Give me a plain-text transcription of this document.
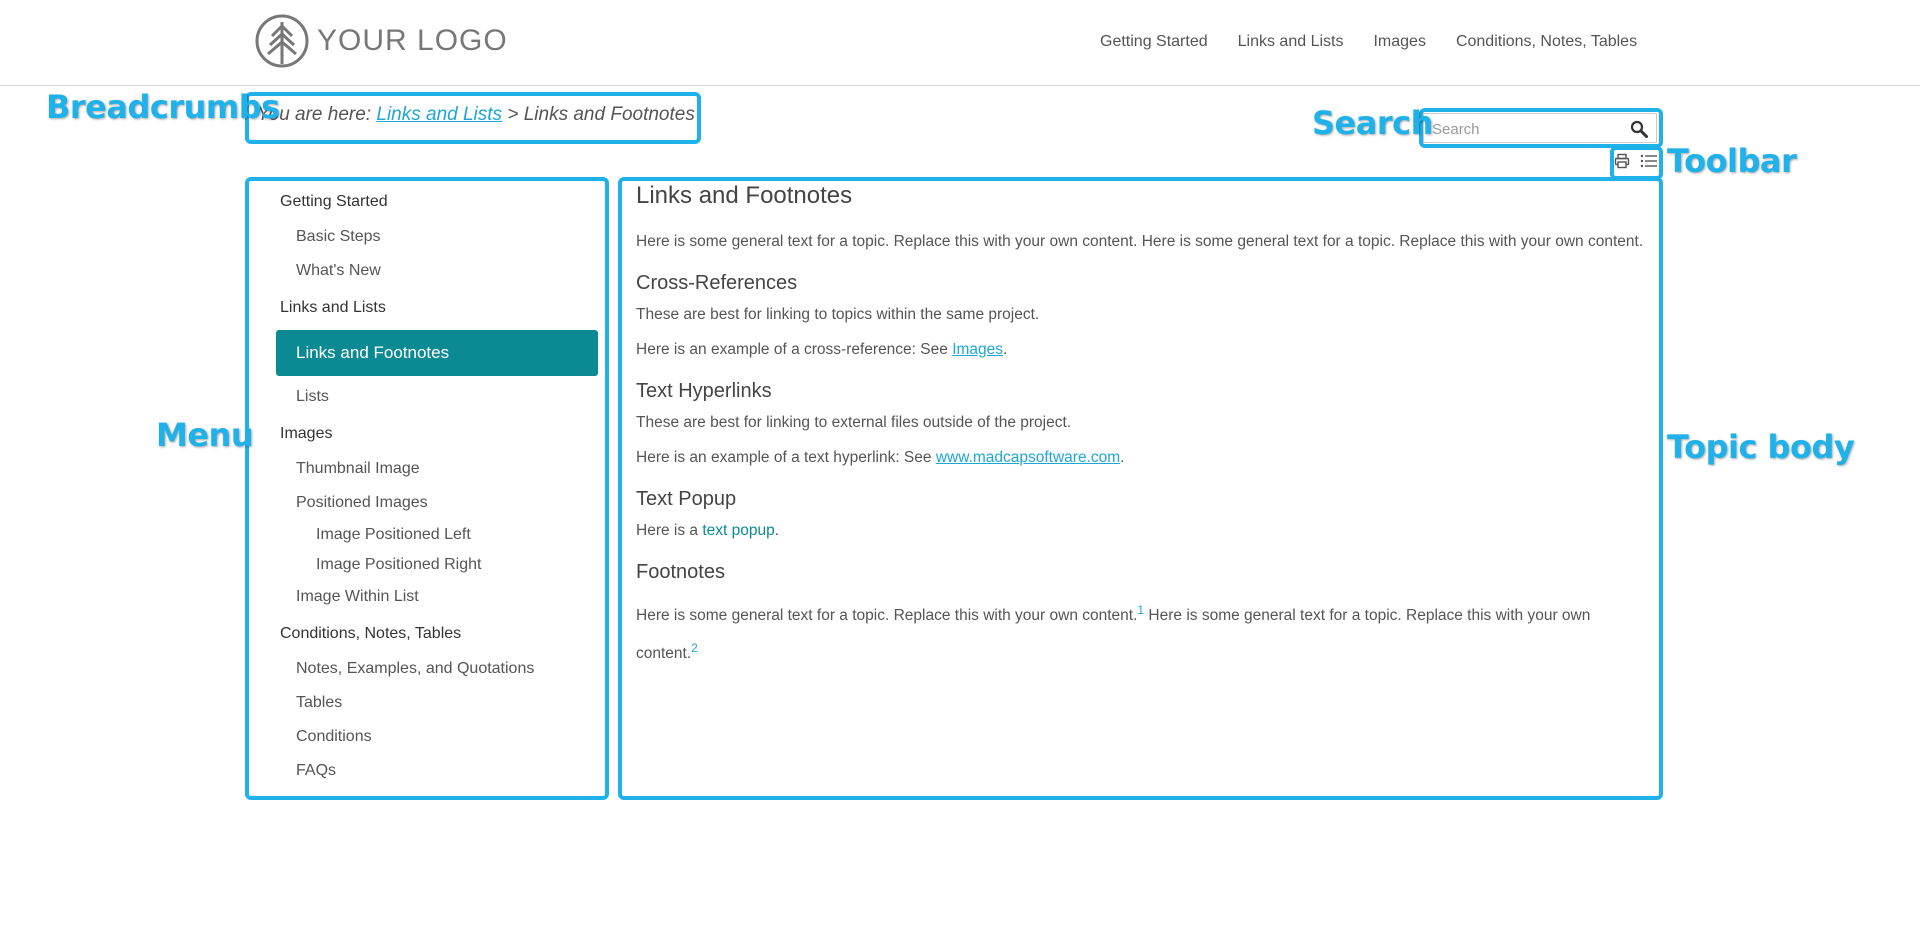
YOUR LOGO	Getting Started Links and Lists Images Conditions, Notes, Tables
You are here: Links and Lists > Links and Footnotes
Search
Getting Started
Basic Steps
What's New
Links and Lists
Links and Footnotes
Lists
Images
Thumbnail Image
Positioned Images
Image Positioned Left
Image Positioned Right
Image Within List
Conditions, Notes, Tables
Notes, Examples, and Quotations
Tables
Conditions
FAQs
Links and Footnotes

Here is some general text for a topic. Replace this with your own content. Here is some general text for a topic. Replace this with your own content.

Cross-References

These are best for linking to topics within the same project.

Here is an example of a cross-reference: See Images.

Text Hyperlinks

These are best for linking to external files outside of the project.

Here is an example of a text hyperlink: See www.madcapsoftware.com.

Text Popup

Here is a text popup.

Footnotes

Here is some general text for a topic. Replace this with your own content.$^1$ Here is some general text for a topic. Replace this with your own content.$^2$

Breadcrumbs	Search
Toolbar
Menu	Topic body
